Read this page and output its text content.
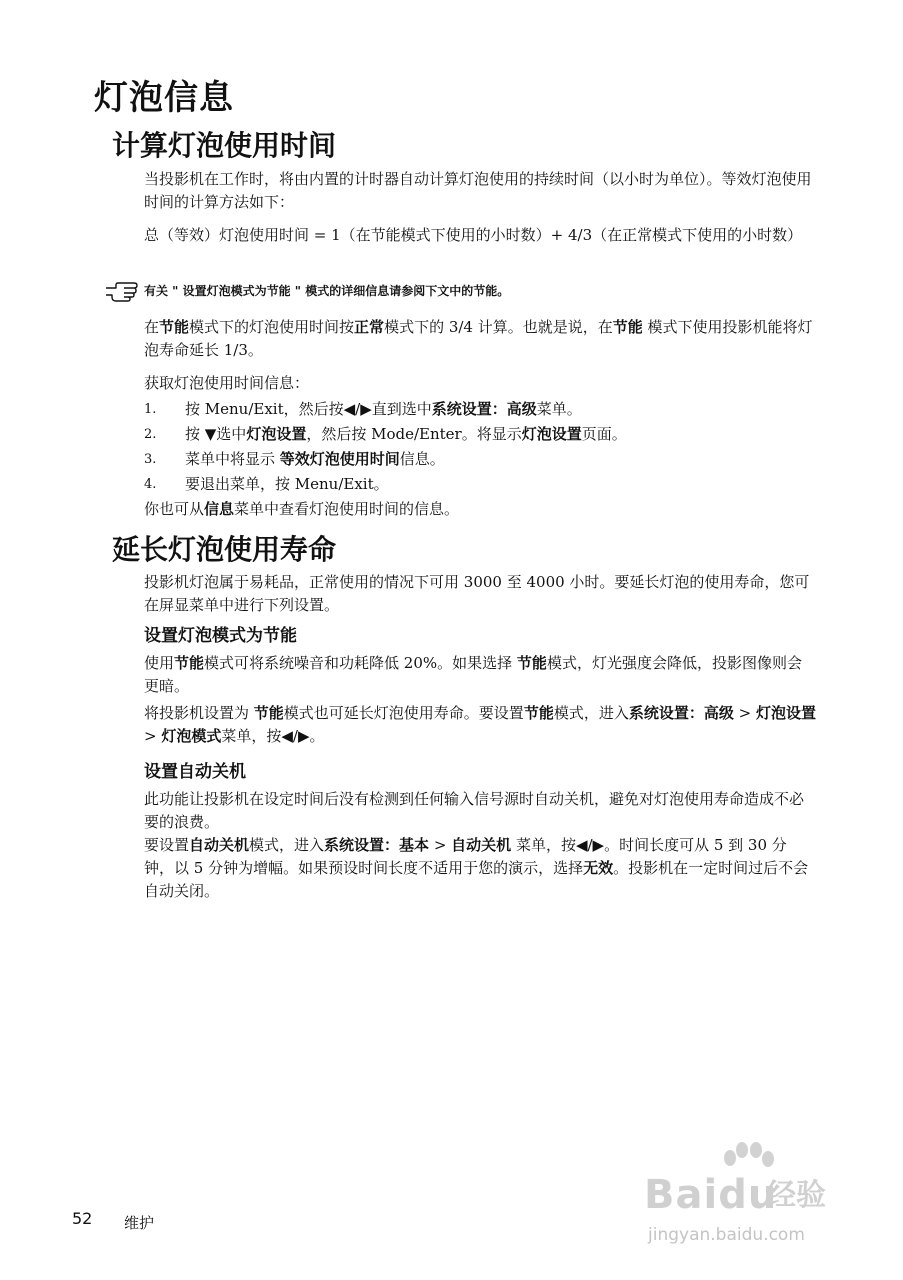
灯泡信息
计算灯泡使用时间

当投影机在工作时，将由内置的计时器自动计算灯泡使用的持续时间（以小时为单位）。等效灯泡使用时间的计算方法如下：

总（等效）灯泡使用时间 = 1（在节能模式下使用的小时数）+ 4/3（在正常模式下使用的小时数）

有关 " 设置灯泡模式为节能 " 模式的详细信息请参阅下文中的节能。

在节能模式下的灯泡使用时间按正常模式下的 3/4 计算。也就是说，在节能 模式下使用投影机能将灯泡寿命延长 1/3。

获取灯泡使用时间信息：

1.	按 Menu/Exit，然后按◀/▶直到选中系统设置：高级菜单。
2.	按 ▼选中灯泡设置，然后按 Mode/Enter。将显示灯泡设置页面。
3.	菜单中将显示 等效灯泡使用时间信息。
4.	要退出菜单，按 Menu/Exit。

你也可从信息菜单中查看灯泡使用时间的信息。

延长灯泡使用寿命

投影机灯泡属于易耗品，正常使用的情况下可用 3000 至 4000 小时。要延长灯泡的使用寿命，您可在屏显菜单中进行下列设置。

设置灯泡模式为节能

使用节能模式可将系统噪音和功耗降低 20%。如果选择 节能模式，灯光强度会降低，投影图像则会更暗。

将投影机设置为 节能模式也可延长灯泡使用寿命。要设置节能模式，进入系统设置：高级 > 灯泡设置 > 灯泡模式菜单，按◀/▶。

设置自动关机

此功能让投影机在设定时间后没有检测到任何输入信号源时自动关机，避免对灯泡使用寿命造成不必要的浪费。

要设置自动关机模式，进入系统设置：基本 > 自动关机 菜单，按◀/▶。时间长度可从 5 到 30 分钟，以 5 分钟为增幅。如果预设时间长度不适用于您的演示，选择无效。投影机在一定时间过后不会自动关闭。

52 维护
Baidu
经验
jingyan.baidu.com
